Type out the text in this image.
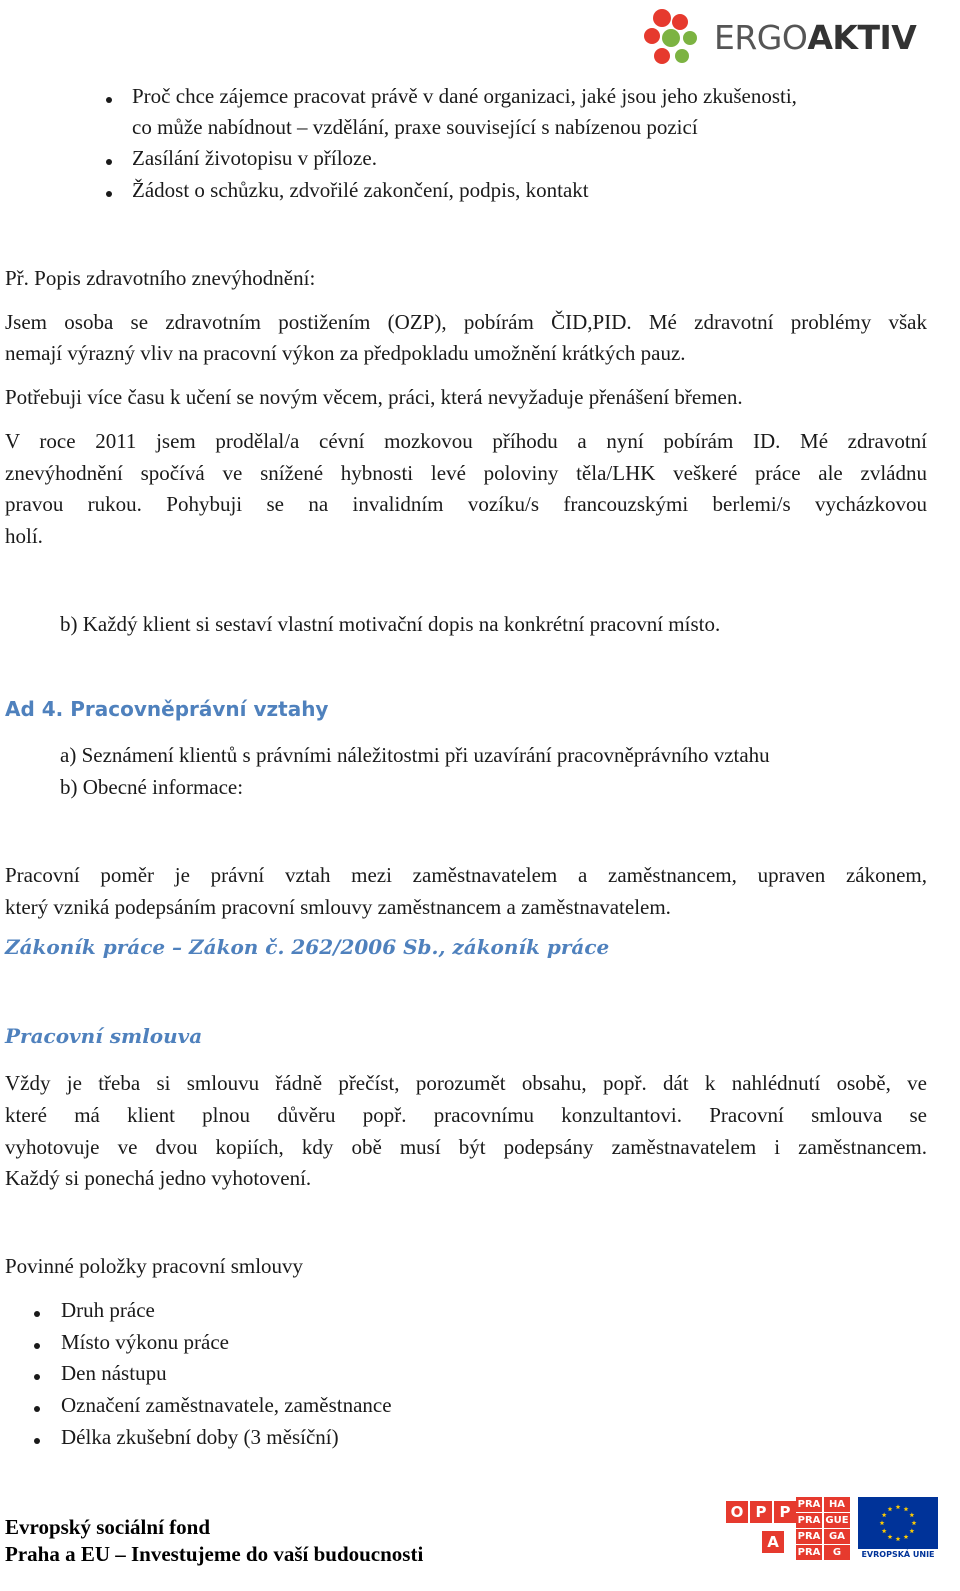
ERGOAKTIV
Proč chce zájemce pracovat právě v dané organizaci, jaké jsou jeho zkušenosti,
co může nabídnout – vzdělání, praxe související s nabízenou pozicí
Zasílání životopisu v příloze.
Žádost o schůzku, zdvořilé zakončení, podpis, kontakt
Př. Popis zdravotního znevýhodnění:
Jsem osoba se zdravotním postižením (OZP), pobírám ČID,PID. Mé zdravotní problémy však
nemají výrazný vliv na pracovní výkon za předpokladu umožnění krátkých pauz.
Potřebuji více času k učení se novým věcem, práci, která nevyžaduje přenášení břemen.
V roce 2011 jsem prodělal/a cévní mozkovou příhodu a nyní pobírám ID. Mé zdravotní
znevýhodnění spočívá ve snížené hybnosti levé poloviny těla/LHK veškeré práce ale zvládnu
pravou rukou. Pohybuji se na invalidním vozíku/s francouzskými berlemi/s vycházkovou
holí.
b) Každý klient si sestaví vlastní motivační dopis na konkrétní pracovní místo.
Ad 4. Pracovněprávní vztahy
a) Seznámení klientů s právními náležitostmi při uzavírání pracovněprávního vztahu
b) Obecné informace:
Pracovní poměr je právní vztah mezi zaměstnavatelem a zaměstnancem, upraven zákonem,
který vzniká podepsáním pracovní smlouvy zaměstnancem a zaměstnavatelem.
Zákoník práce – Zákon č. 262/2006 Sb., zákoník práce
Pracovní smlouva
Vždy je třeba si smlouvu řádně přečíst, porozumět obsahu, popř. dát k nahlédnutí osobě, ve
které má klient plnou důvěru popř. pracovnímu konzultantovi. Pracovní smlouva se
vyhotovuje ve dvou kopiích, kdy obě musí být podepsány zaměstnavatelem i zaměstnancem.
Každý si ponechá jedno vyhotovení.
Povinné položky pracovní smlouvy
Druh práce
Místo výkonu práce
Den nástupu
Označení zaměstnavatele, zaměstnance
Délka zkušební doby (3 měsíční)
Evropský sociální fond
Praha a EU – Investujeme do vaší budoucnosti
O P P
A
PRA HA
PRA GUE
PRA GA
PRA	G	EVROPSKÁ UNIE
